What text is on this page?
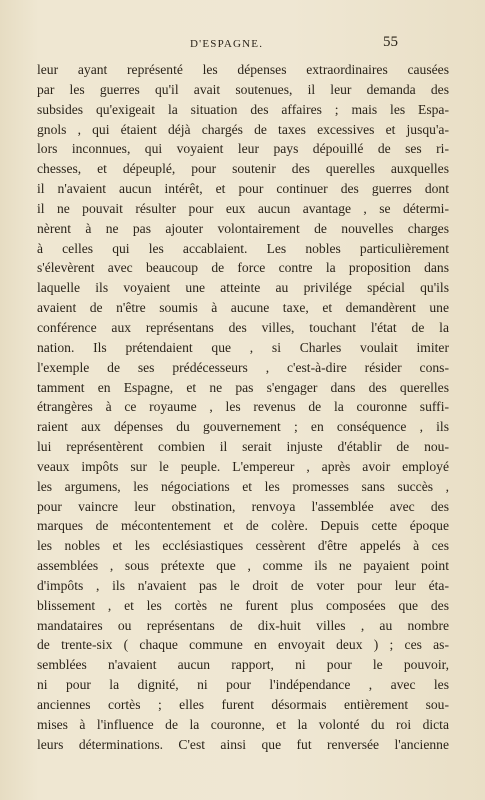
D'ESPAGNE.	55
leur ayant représenté les dépenses extraordinaires causées
par les guerres qu'il avait soutenues, il leur demanda des
subsides qu'exigeait la situation des affaires ; mais les Espa-
gnols , qui étaient déjà chargés de taxes excessives et jusqu'a-
lors inconnues, qui voyaient leur pays dépouillé de ses ri-
chesses, et dépeuplé, pour soutenir des querelles auxquelles
il n'avaient aucun intérêt, et pour continuer des guerres dont
il ne pouvait résulter pour eux aucun avantage , se détermi-
nèrent à ne pas ajouter volontairement de nouvelles charges
à celles qui les accablaient. Les nobles particulièrement
s'élevèrent avec beaucoup de force contre la proposition dans
laquelle ils voyaient une atteinte au privilége spécial qu'ils
avaient de n'être soumis à aucune taxe, et demandèrent une
conférence aux représentans des villes, touchant l'état de la
nation. Ils prétendaient que , si Charles voulait imiter
l'exemple de ses prédécesseurs , c'est-à-dire résider cons-
tamment en Espagne, et ne pas s'engager dans des querelles
étrangères à ce royaume , les revenus de la couronne suffi-
raient aux dépenses du gouvernement ; en conséquence , ils
lui représentèrent combien il serait injuste d'établir de nou-
veaux impôts sur le peuple. L'empereur , après avoir employé
les argumens, les négociations et les promesses sans succès ,
pour vaincre leur obstination, renvoya l'assemblée avec des
marques de mécontentement et de colère. Depuis cette époque
les nobles et les ecclésiastiques cessèrent d'être appelés à ces
assemblées , sous prétexte que , comme ils ne payaient point
d'impôts , ils n'avaient pas le droit de voter pour leur éta-
blissement , et les cortès ne furent plus composées que des
mandataires ou représentans de dix-huit villes , au nombre
de trente-six ( chaque commune en envoyait deux ) ; ces as-
semblées n'avaient aucun rapport, ni pour le pouvoir,
ni pour la dignité, ni pour l'indépendance , avec les
anciennes cortès ; elles furent désormais entièrement sou-
mises à l'influence de la couronne, et la volonté du roi dicta
leurs déterminations. C'est ainsi que fut renversée l'ancienne
